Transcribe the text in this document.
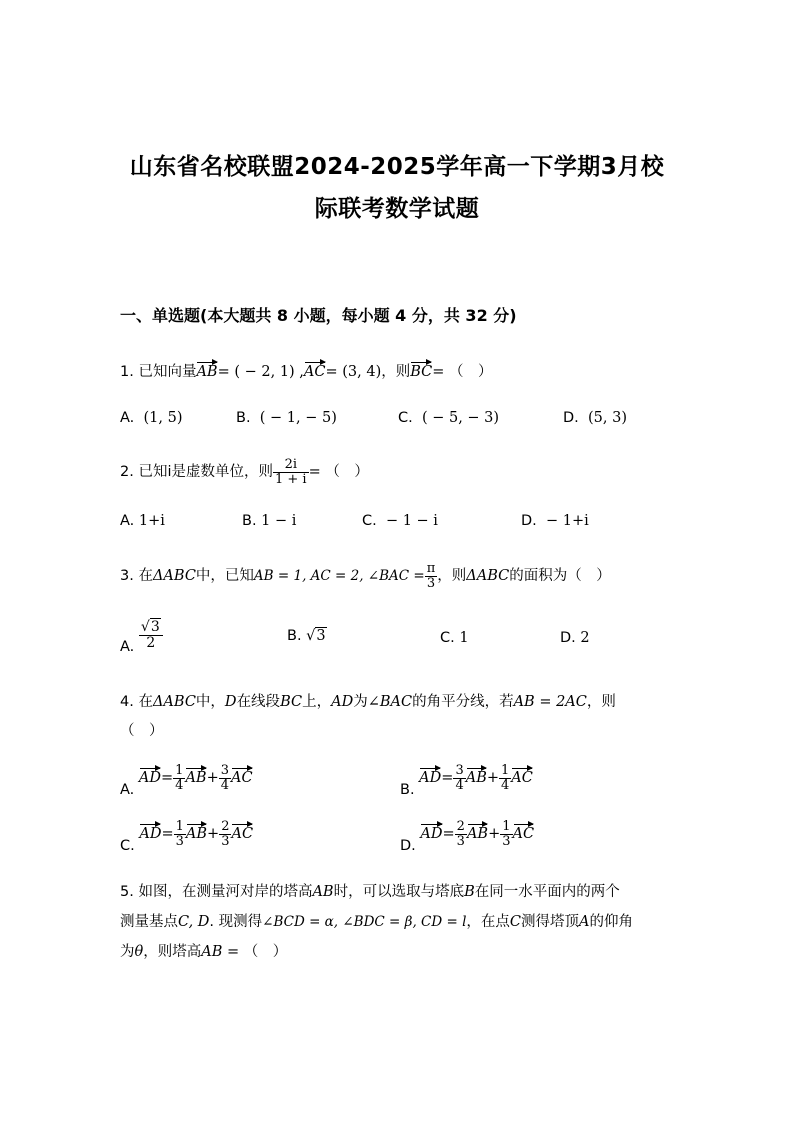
山东省名校联盟2024-2025学年高一下学期3月校
际联考数学试题
一、单选题(本大题共 8 小题，每小题 4 分，共 32 分)
1. 已知向量AB= ( − 2, 1) ,AC= (3, 4)，则BC= （　）
A. (1, 5)	B. ( − 1, − 5)	C. ( − 5, − 3)	D. (5, 3)
2. 已知i是虚数单位，则 $\frac{2i}{1 + i}$ = （　）
A. 1+i	B. 1 − i	C. − 1 − i	D. − 1+i
3. 在ΔABC中，已知AB = 1, AC = 2, ∠BAC = $\frac{\pi}{3}$ ，则ΔABC的面积为（　）
A. $\frac{√3}{2}$	B. √3	C. 1	D. 2
4. 在ΔABC中，D在线段BC上，AD为∠BAC的角平分线，若AB = 2AC，则
（　）
A. $AD= \frac{1}{4} AB+ \frac{3}{4}$ AC
B. $AD= \frac{3}{4} AB+ \frac{1}{4}$ AC
C. $AD= \frac{1}{3} AB+ \frac{2}{3}$ AC
D. $AD= \frac{2}{3} AB+ \frac{1}{3}$ AC
5. 如图，在测量河对岸的塔高AB时，可以选取与塔底B在同一水平面内的两个
测量基点C, D. 现测得∠BCD = α, ∠BDC = β, CD = l，在点C测得塔顶A的仰角
为θ，则塔高AB = （　）
